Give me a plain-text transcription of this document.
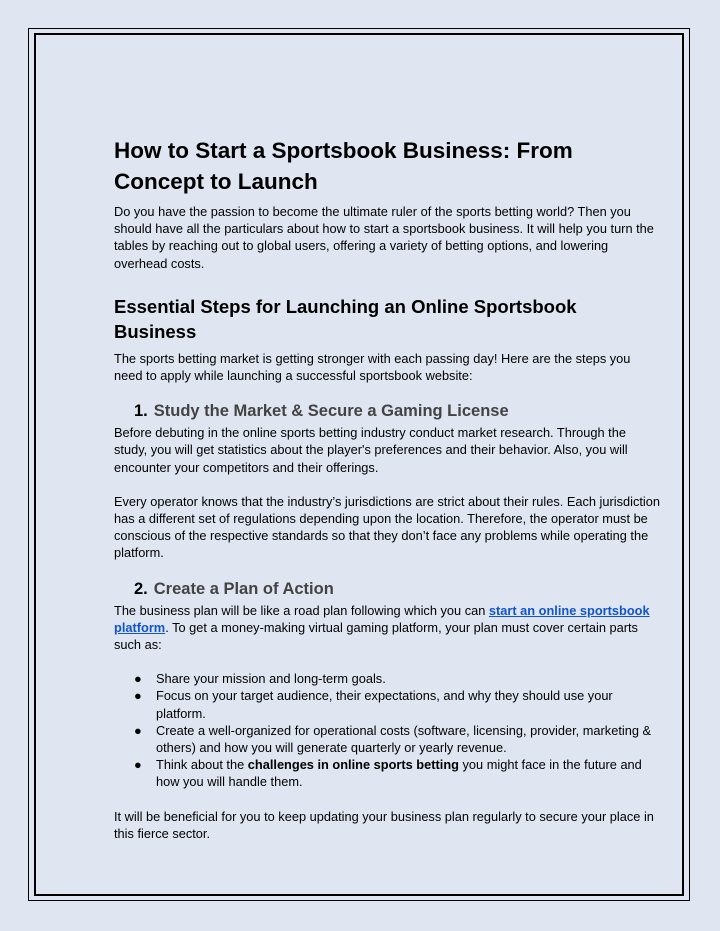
How to Start a Sportsbook Business: From Concept to Launch

Do you have the passion to become the ultimate ruler of the sports betting world? Then you should have all the particulars about how to start a sportsbook business. It will help you turn the tables by reaching out to global users, offering a variety of betting options, and lowering overhead costs.

Essential Steps for Launching an Online Sportsbook Business

The sports betting market is getting stronger with each passing day! Here are the steps you need to apply while launching a successful sportsbook website:

1. Study the Market & Secure a Gaming License

Before debuting in the online sports betting industry conduct market research. Through the study, you will get statistics about the player's preferences and their behavior. Also, you will encounter your competitors and their offerings.

Every operator knows that the industry’s jurisdictions are strict about their rules. Each jurisdiction has a different set of regulations depending upon the location. Therefore, the operator must be conscious of the respective standards so that they don’t face any problems while operating the platform.

2. Create a Plan of Action

The business plan will be like a road plan following which you can start an online sportsbook platform. To get a money-making virtual gaming platform, your plan must cover certain parts such as:

● Share your mission and long-term goals.
● Focus on your target audience, their expectations, and why they should use your platform.
● Create a well-organized for operational costs (software, licensing, provider, marketing & others) and how you will generate quarterly or yearly revenue.
● Think about the challenges in online sports betting you might face in the future and how you will handle them.

It will be beneficial for you to keep updating your business plan regularly to secure your place in this fierce sector.
